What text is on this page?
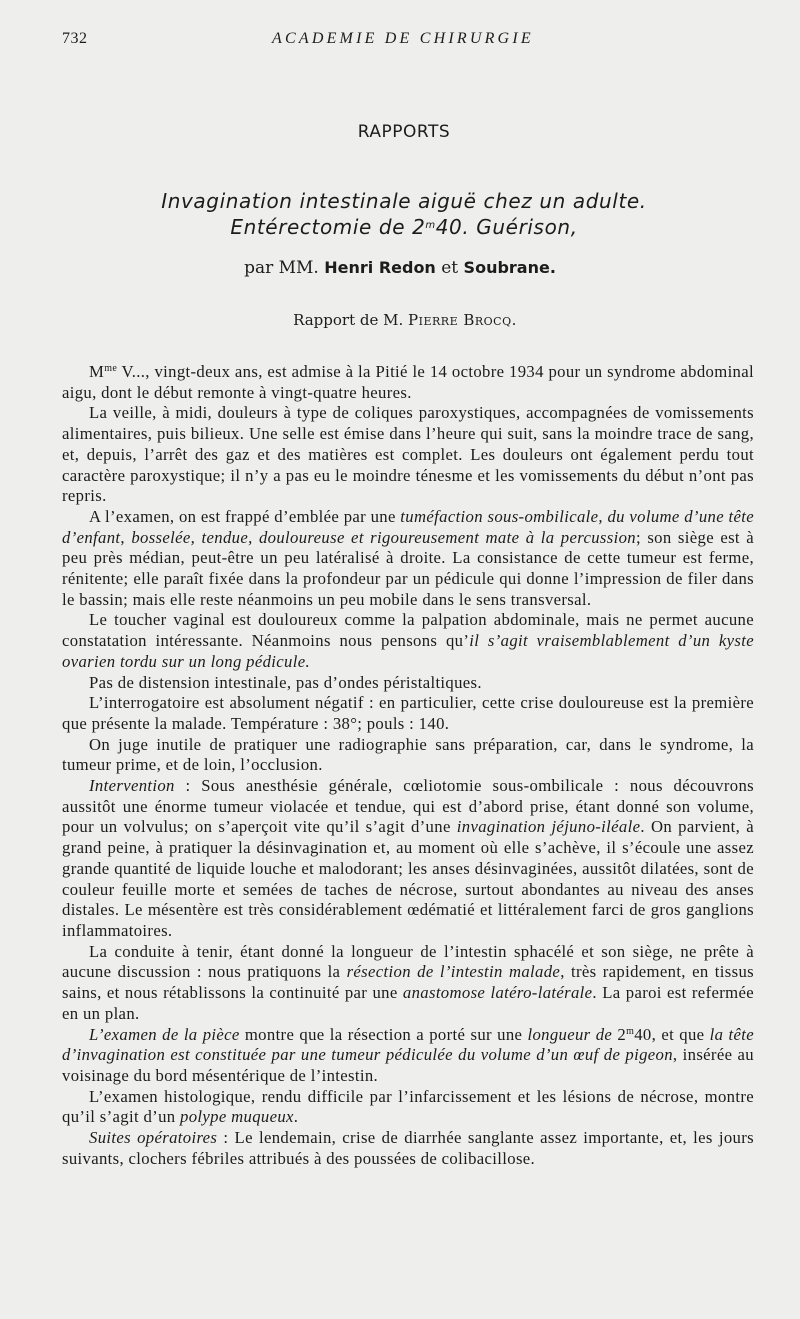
732	ACADEMIE DE CHIRURGIE
RAPPORTS
Invagination intestinale aiguë chez un adulte.
Entérectomie de 2$^m$40. Guérison,
par MM. Henri Redon et Soubrane.
Rapport de M. Pierre Brocq.

$M^{me}$ V..., vingt-deux ans, est admise à la Pitié le 14 octobre 1934 pour un syndrome abdominal aigu, dont le début remonte à vingt-quatre heures.

La veille, à midi, douleurs à type de coliques paroxystiques, accompagnées de vomissements alimentaires, puis bilieux. Une selle est émise dans l’heure qui suit, sans la moindre trace de sang, et, depuis, l’arrêt des gaz et des matières est complet. Les douleurs ont également perdu tout caractère paroxystique; il n’y a pas eu le moindre ténesme et les vomissements du début n’ont pas repris.

A l’examen, on est frappé d’emblée par une tuméfaction sous-ombilicale, du volume d’une tête d’enfant, bosselée, tendue, douloureuse et rigoureusement mate à la percussion; son siège est à peu près médian, peut-être un peu latéralisé à droite. La consistance de cette tumeur est ferme, rénitente; elle paraît fixée dans la profondeur par un pédicule qui donne l’impression de filer dans le bassin; mais elle reste néanmoins un peu mobile dans le sens transversal.

Le toucher vaginal est douloureux comme la palpation abdominale, mais ne permet aucune constatation intéressante. Néanmoins nous pensons qu’il s’agit vraisemblablement d’un kyste ovarien tordu sur un long pédicule.

Pas de distension intestinale, pas d’ondes péristaltiques.

L’interrogatoire est absolument négatif : en particulier, cette crise douloureuse est la première que présente la malade. Température : 38°; pouls : 140.

On juge inutile de pratiquer une radiographie sans préparation, car, dans le syndrome, la tumeur prime, et de loin, l’occlusion.

Intervention : Sous anesthésie générale, cœliotomie sous-ombilicale : nous découvrons aussitôt une énorme tumeur violacée et tendue, qui est d’abord prise, étant donné son volume, pour un volvulus; on s’aperçoit vite qu’il s’agit d’une invagination jéjuno-iléale. On parvient, à grand peine, à pratiquer la désinvagination et, au moment où elle s’achève, il s’écoule une assez grande quantité de liquide louche et malodorant; les anses désinvaginées, aussitôt dilatées, sont de couleur feuille morte et semées de taches de nécrose, surtout abondantes au niveau des anses distales. Le mésentère est très considérablement œdématié et littéralement farci de gros ganglions inflammatoires.

La conduite à tenir, étant donné la longueur de l’intestin sphacélé et son siège, ne prête à aucune discussion : nous pratiquons la résection de l’intestin malade, très rapidement, en tissus sains, et nous rétablissons la continuité par une anastomose latéro-latérale. La paroi est refermée en un plan.

L’examen de la pièce montre que la résection a porté sur une longueur de 2$^m$40, et que la tête d’invagination est constituée par une tumeur pédiculée du volume d’un œuf de pigeon, insérée au voisinage du bord mésentérique de l’intestin.

L’examen histologique, rendu difficile par l’infarcissement et les lésions de nécrose, montre qu’il s’agit d’un polype muqueux.

Suites opératoires : Le lendemain, crise de diarrhée sanglante assez importante, et, les jours suivants, clochers fébriles attribués à des poussées de colibacillose.
